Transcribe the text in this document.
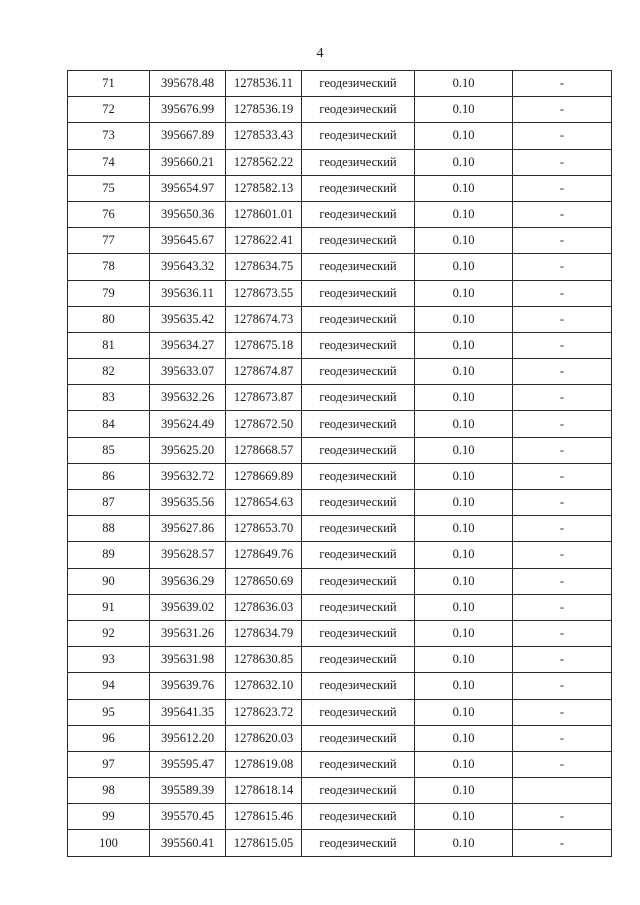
4
71	395678.48	1278536.11	геодезический	0.10	-
72	395676.99	1278536.19	геодезический	0.10	-
73	395667.89	1278533.43	геодезический	0.10	-
74	395660.21	1278562.22	геодезический	0.10	-
75	395654.97	1278582.13	геодезический	0.10	-
76	395650.36	1278601.01	геодезический	0.10	-
77	395645.67	1278622.41	геодезический	0.10	-
78	395643.32	1278634.75	геодезический	0.10	-
79	395636.11	1278673.55	геодезический	0.10	-
80	395635.42	1278674.73	геодезический	0.10	-
81	395634.27	1278675.18	геодезический	0.10	-
82	395633.07	1278674.87	геодезический	0.10	-
83	395632.26	1278673.87	геодезический	0.10	-
84	395624.49	1278672.50	геодезический	0.10	-
85	395625.20	1278668.57	геодезический	0.10	-
86	395632.72	1278669.89	геодезический	0.10	-
87	395635.56	1278654.63	геодезический	0.10	-
88	395627.86	1278653.70	геодезический	0.10	-
89	395628.57	1278649.76	геодезический	0.10	-
90	395636.29	1278650.69	геодезический	0.10	-
91	395639.02	1278636.03	геодезический	0.10	-
92	395631.26	1278634.79	геодезический	0.10	-
93	395631.98	1278630.85	геодезический	0.10	-
94	395639.76	1278632.10	геодезический	0.10	-
95	395641.35	1278623.72	геодезический	0.10	-
96	395612.20	1278620.03	геодезический	0.10	-
97	395595.47	1278619.08	геодезический	0.10	-
98	395589.39	1278618.14	геодезический	0.10	
99	395570.45	1278615.46	геодезический	0.10	-
100	395560.41	1278615.05	геодезический	0.10	-
